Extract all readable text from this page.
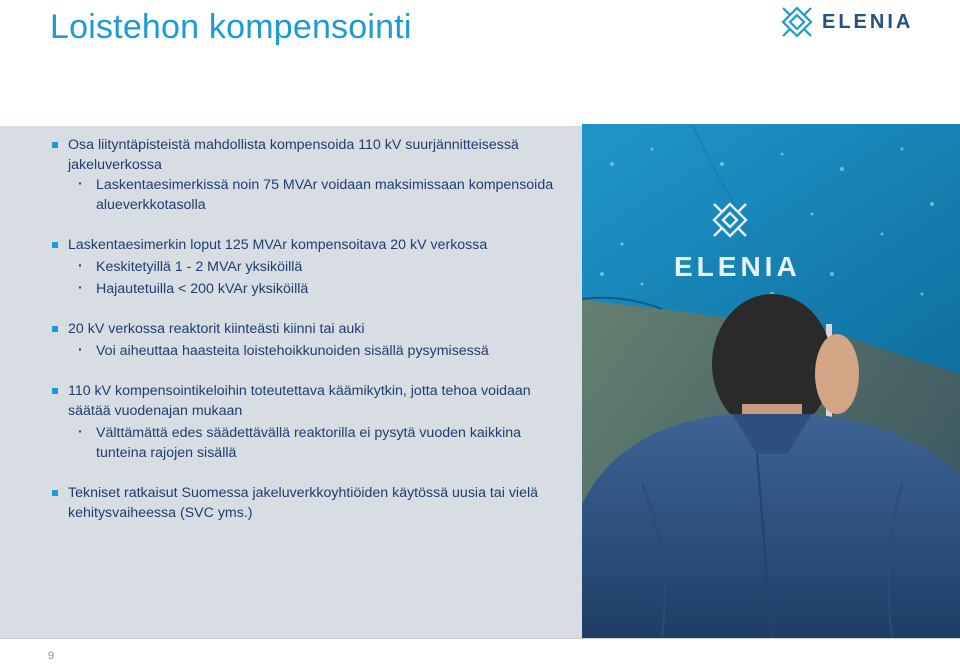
Loistehon kompensointi	ELENIA
ELENIA
Osa liityntäpisteistä mahdollista kompensoida 110 kV suurjännitteisessä jakeluverkossa
· Laskentaesimerkissä noin 75 MVAr voidaan maksimissaan kompensoida alueverkkotasolla
Laskentaesimerkin loput 125 MVAr kompensoitava 20 kV verkossa
· Keskitetyillä 1 - 2 MVAr yksiköillä
· Hajautetuilla < 200 kVAr yksiköillä
20 kV verkossa reaktorit kiinteästi kiinni tai auki
· Voi aiheuttaa haasteita loistehoikkunoiden sisällä pysymisessä
110 kV kompensointikeloihin toteutettava käämikytkin, jotta tehoa voidaan säätää vuodenajan mukaan
· Välttämättä edes säädettävällä reaktorilla ei pysytä vuoden kaikkina tunteina rajojen sisällä
Tekniset ratkaisut Suomessa jakeluverkkoyhtiöiden käytössä uusia tai vielä kehitysvaiheessa (SVC yms.)
9
